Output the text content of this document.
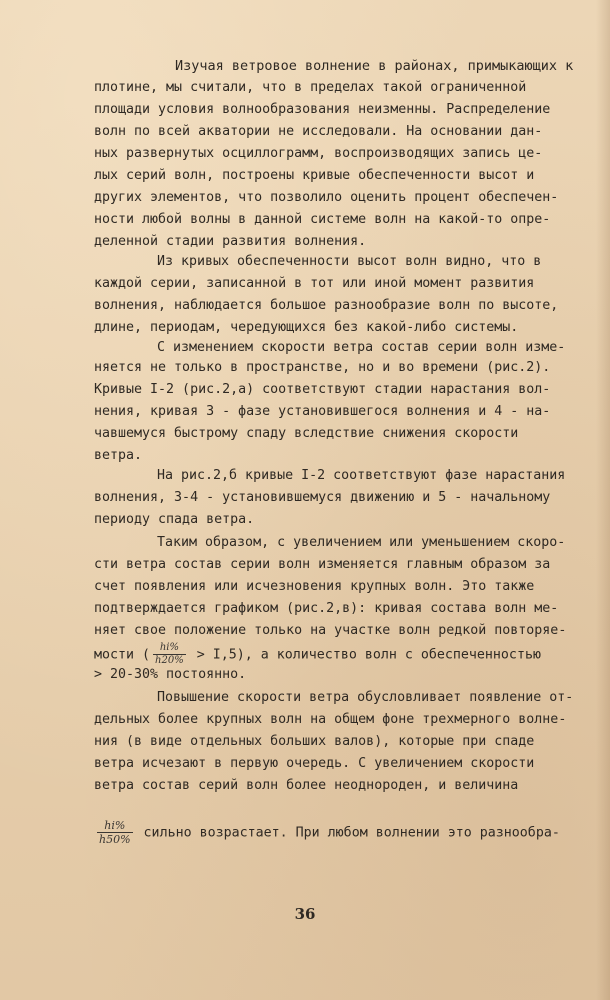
Изучая ветровое волнение в районах, примыкающих к
плотине, мы считали, что в пределах такой ограниченной
площади условия волнообразования неизменны. Распределение
волн по всей акватории не исследовали. На основании дан-
ных развернутых осциллограмм, воспроизводящих запись це-
лых серий волн, построены кривые обеспеченности высот и
других элементов, что позволило оценить процент обеспечен-
ности любой волны в данной системе волн на какой-то опре-
деленной стадии развития волнения.
Из кривых обеспеченности высот волн видно, что в
каждой серии, записанной в тот или иной момент развития
волнения, наблюдается большое разнообразие волн по высоте,
длине, периодам, чередующихся без какой-либо системы.
С изменением скорости ветра состав серии волн изме-
няется не только в пространстве, но и во времени (рис.2).
Кривые I-2 (рис.2,а) соответствуют стадии нарастания вол-
нения, кривая 3 - фазе установившегося волнения и 4 - на-
чавшемуся быстрому спаду вследствие снижения скорости
ветра.
На рис.2,б кривые I-2 соответствуют фазе нарастания
волнения, 3-4 - установившемуся движению и 5 - начальному
периоду спада ветра.
Таким образом, с увеличением или уменьшением скоро-
сти ветра состав серии волн изменяется главным образом за
счет появления или исчезновения крупных волн. Это также
подтверждается графиком (рис.2,в): кривая состава волн ме-
няет свое положение только на участке волн редкой повторяе-
мости ( $\frac{hi\%}{h20\%} > I,5$), а количество волн с обеспеченностью
> 20-30% постоянно.
Повышение скорости ветра обусловливает появление от-
дельных более крупных волн на общем фоне трехмерного волне-
ния (в виде отдельных больших валов), которые при спаде
ветра исчезают в первую очередь. С увеличением скорости
ветра состав серий волн более неоднороден, и величина
$\frac{hi\%}{h50\%}$ сильно возрастает. При любом волнении это разнообра-
36
